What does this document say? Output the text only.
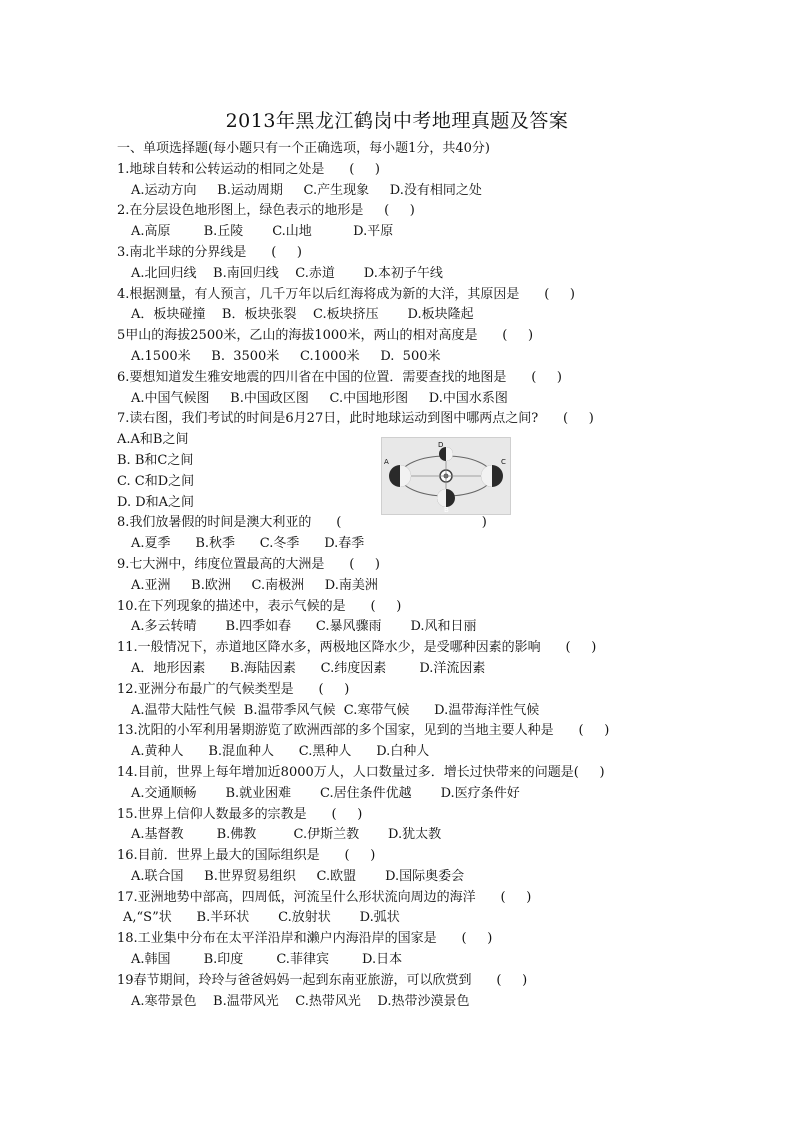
2013年黑龙江鹤岗中考地理真题及答案
一、单项选择题(每小题只有一个正确选项，每小题1分，共40分)
1.地球自转和公转运动的相同之处是      (     )
A.运动方向     B.运动周期     C.产生现象     D.没有相同之处
2.在分层设色地形图上，绿色表示的地形是     (     )
A.高原        B.丘陵       C.山地          D.平原
3.南北半球的分界线是      (     )
A.北回归线    B.南回归线    C.赤道       D.本初子午线
4.根据测量，有人预言，几千万年以后红海将成为新的大洋，其原因是      (     )
A．板块碰撞    B．板块张裂    C.板块挤压       D.板块隆起
5甲山的海拔2500米，乙山的海拔1000米，两山的相对高度是      (     )
A.1500米     B.  3500米     C.1000米     D.  500米
6.要想知道发生雅安地震的四川省在中国的位置．需要查找的地图是      (     )
A.中国气候图     B.中国政区图     C.中国地形图     D.中国水系图
7.读右图，我们考试的时间是6月27日，此时地球运动到图中哪两点之间?      (     )
A.A和B之间
B. B和C之间
C. C和D之间
D. D和A之间
8.我们放暑假的时间是澳大利亚的      (                                  )
A.夏季      B.秋季      C.冬季      D.春季
9.七大洲中，纬度位置最高的大洲是      (     )
A.亚洲     B.欧洲     C.南极洲     D.南美洲
10.在下列现象的描述中，表示气候的是      (     )
A.多云转晴       B.四季如春      C.暴风骤雨       D.风和日丽
11.一般情况下，赤道地区降水多，两极地区降水少，是受哪种因素的影响      (     )
A．地形因素      B.海陆因素      C.纬度因素        D.洋流因素
12.亚洲分布最广的气候类型是      (     )
A.温带大陆性气候  B.温带季风气候  C.寒带气候      D.温带海洋性气候
13.沈阳的小军利用暑期游览了欧洲西部的多个国家，见到的当地主要人种是      (     )
A.黄种人      B.混血种人      C.黑种人      D.白种人
14.目前，世界上每年增加近8000万人，人口数量过多．增长过快带来的问题是(     )
A.交通顺畅       B.就业困难       C.居住条件优越       D.医疗条件好
15.世界上信仰人数最多的宗教是      (     )
A.基督教        B.佛教         C.伊斯兰教       D.犹太教
16.目前．世界上最大的国际组织是      (     )
A.联合国     B.世界贸易组织     C.欧盟       D.国际奥委会
17.亚洲地势中部高，四周低，河流呈什么形状流向周边的海洋      (     )
A,“S”状      B.半环状       C.放射状       D.弧状
18.工业集中分布在太平洋沿岸和濑户内海沿岸的国家是      (     )
A.韩国        B.印度        C.菲律宾        D.日本
19春节期间，玲玲与爸爸妈妈一起到东南亚旅游，可以欣赏到      (     )
A.寒带景色    B.温带风光    C.热带风光    D.热带沙漠景色
D
A	C
B
